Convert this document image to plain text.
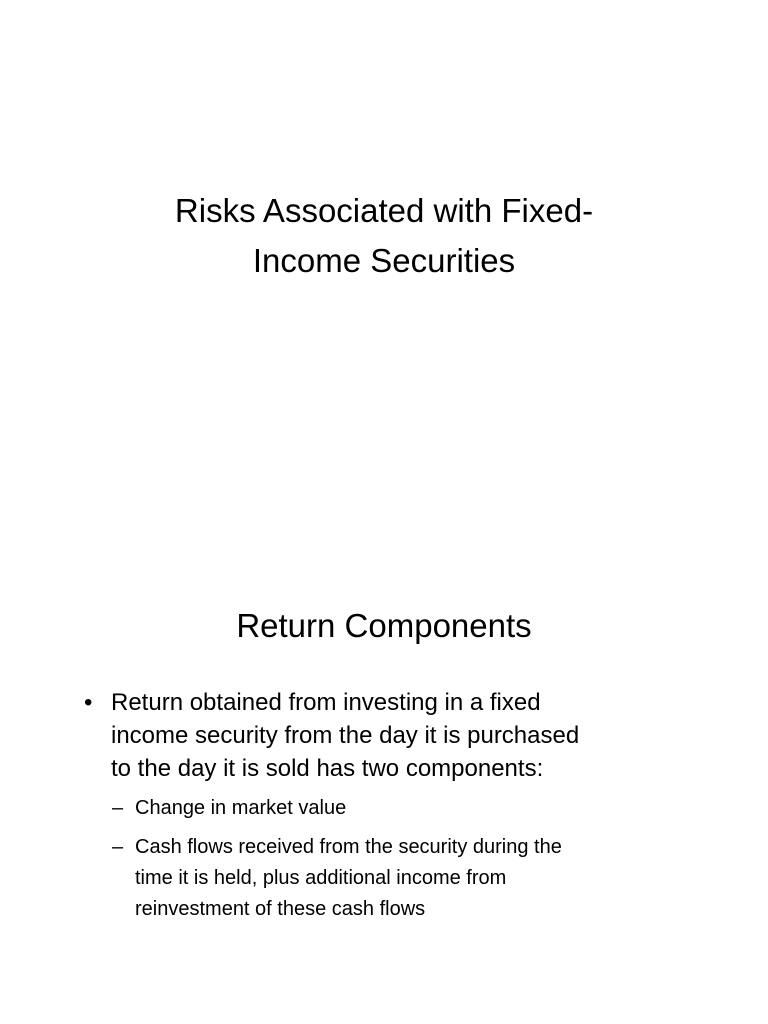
Risks Associated with Fixed-
Income Securities
Return Components
• Return obtained from investing in a fixed
income security from the day it is purchased
to the day it is sold has two components:
– Change in market value
– Cash flows received from the security during the
time it is held, plus additional income from
reinvestment of these cash flows
